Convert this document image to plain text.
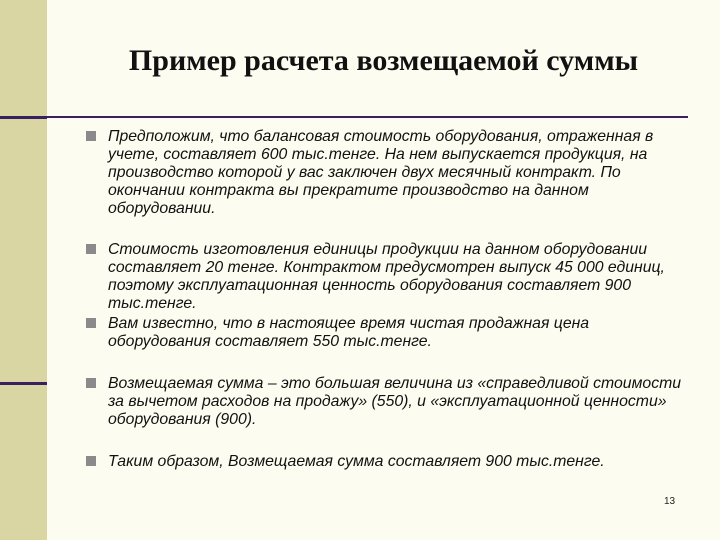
Пример расчета возмещаемой суммы
Предположим, что балансовая стоимость оборудования, отраженная в учете, составляет 600 тыс.тенге. На нем выпускается продукция, на производство которой у вас заключен двух месячный контракт. По окончании контракта вы прекратите производство на данном оборудовании.
Стоимость изготовления единицы продукции на данном оборудовании составляет 20 тенге. Контрактом предусмотрен выпуск 45 000 единиц, поэтому эксплуатационная ценность оборудования составляет 900 тыс.тенге.
Вам известно, что в настоящее время чистая продажная цена оборудования составляет 550 тыс.тенге.
Возмещаемая сумма – это большая величина из «справедливой стоимости за вычетом расходов на продажу» (550), и «эксплуатационной ценности» оборудования (900).
Таким образом, Возмещаемая сумма составляет 900 тыс.тенге.
13
